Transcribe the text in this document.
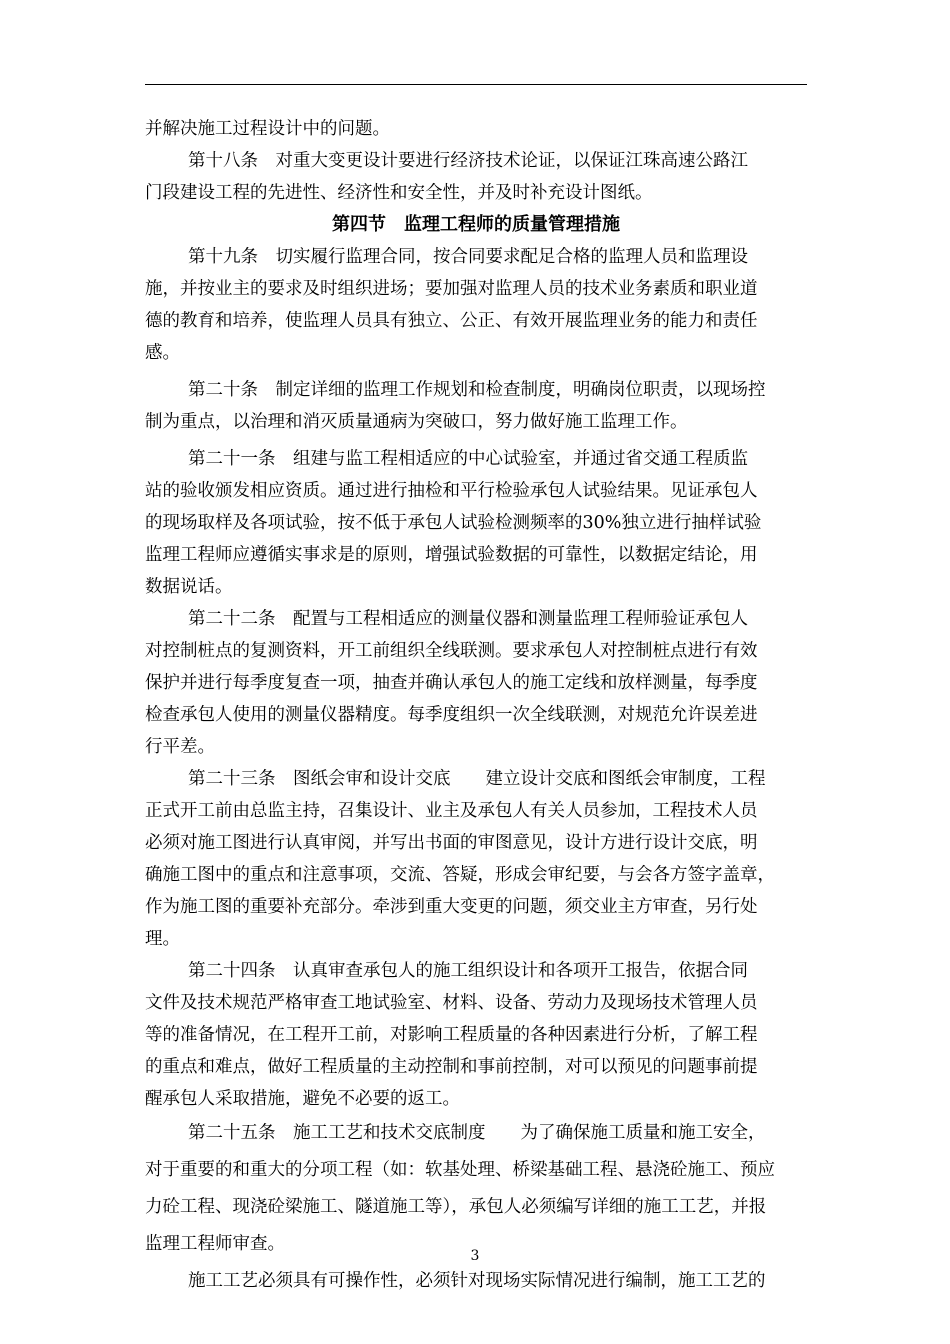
并解决施工过程设计中的问题。
第十八条　对重大变更设计要进行经济技术论证，以保证江珠高速公路江
门段建设工程的先进性、经济性和安全性，并及时补充设计图纸。
第四节　监理工程师的质量管理措施
第十九条　切实履行监理合同，按合同要求配足合格的监理人员和监理设
施，并按业主的要求及时组织进场；要加强对监理人员的技术业务素质和职业道
德的教育和培养，使监理人员具有独立、公正、有效开展监理业务的能力和责任
感。
第二十条　制定详细的监理工作规划和检查制度，明确岗位职责，以现场控
制为重点，以治理和消灭质量通病为突破口，努力做好施工监理工作。
第二十一条　组建与监工程相适应的中心试验室，并通过省交通工程质监
站的验收颁发相应资质。通过进行抽检和平行检验承包人试验结果。见证承包人
的现场取样及各项试验，按不低于承包人试验检测频率的30%独立进行抽样试验
监理工程师应遵循实事求是的原则，增强试验数据的可靠性，以数据定结论，用
数据说话。
第二十二条　配置与工程相适应的测量仪器和测量监理工程师验证承包人
对控制桩点的复测资料，开工前组织全线联测。要求承包人对控制桩点进行有效
保护并进行每季度复查一项，抽查并确认承包人的施工定线和放样测量，每季度
检查承包人使用的测量仪器精度。每季度组织一次全线联测，对规范允许误差进
行平差。
第二十三条　图纸会审和设计交底　　建立设计交底和图纸会审制度，工程
正式开工前由总监主持，召集设计、业主及承包人有关人员参加，工程技术人员
必须对施工图进行认真审阅，并写出书面的审图意见，设计方进行设计交底，明
确施工图中的重点和注意事项，交流、答疑，形成会审纪要，与会各方签字盖章，
作为施工图的重要补充部分。牵涉到重大变更的问题，须交业主方审查，另行处
理。
第二十四条　认真审查承包人的施工组织设计和各项开工报告，依据合同
文件及技术规范严格审查工地试验室、材料、设备、劳动力及现场技术管理人员
等的准备情况，在工程开工前，对影响工程质量的各种因素进行分析，了解工程
的重点和难点，做好工程质量的主动控制和事前控制，对可以预见的问题事前提
醒承包人采取措施，避免不必要的返工。
第二十五条　施工工艺和技术交底制度　　为了确保施工质量和施工安全，
对于重要的和重大的分项工程（如：软基处理、桥梁基础工程、悬浇砼施工、预应
力砼工程、现浇砼梁施工、隧道施工等），承包人必须编写详细的施工工艺，并报
监理工程师审查。
施工工艺必须具有可操作性，必须针对现场实际情况进行编制，施工工艺的
3
